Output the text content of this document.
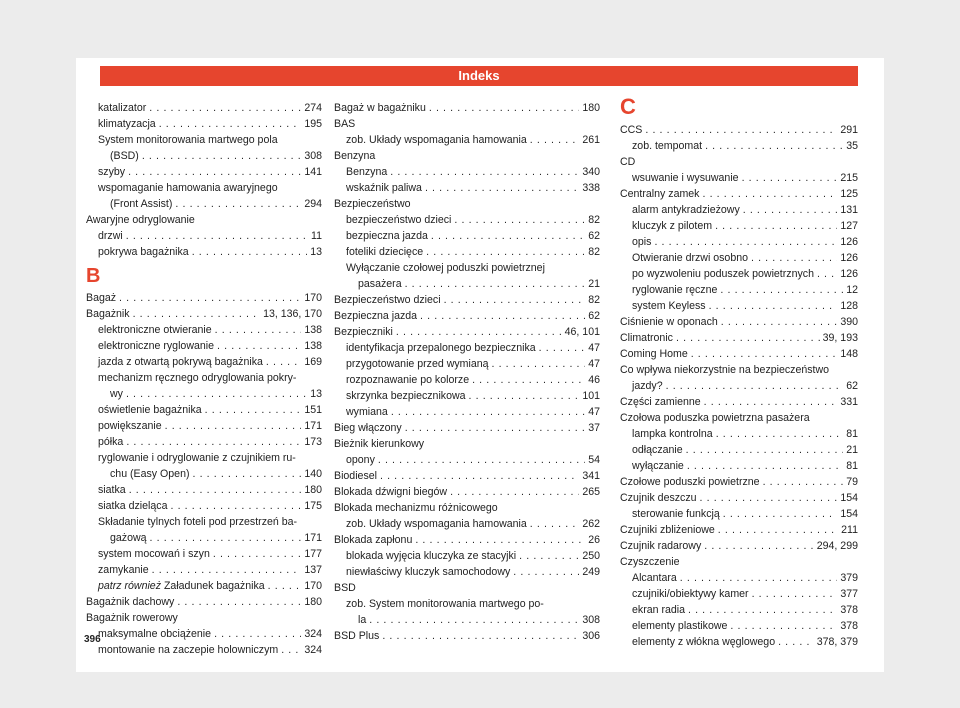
Indeks
katalizator . . .	274
klimatyzacja . . .	195
System monitorowania martwego pola
(BSD) . . .	308
szyby . . .	141
wspomaganie hamowania awaryjnego
(Front Assist) . . .	294
Awaryjne odryglowanie
drzwi . . .	11
pokrywa bagażnika . . .	13
B
Bagaż . . .	170
Bagażnik . . .	13, 136, 170
elektroniczne otwieranie . . .	138
elektroniczne ryglowanie . . .	138
jazda z otwartą pokrywą bagażnika . . .	169
mechanizm ręcznego odryglowania pokry-
wy . . .	13
oświetlenie bagażnika . . .	151
powiększanie . . .	171
półka . . .	173
ryglowanie i odryglowanie z czujnikiem ru-
chu (Easy Open) . . .	140
siatka . . .	180
siatka dzieląca . . .	175
Składanie tylnych foteli pod przestrzeń ba-
gażową . . .	171
system mocowań i szyn . . .	177
zamykanie . . .	137
patrz również Załadunek bagażnika . . .	170
Bagażnik dachowy . . .	180
Bagażnik rowerowy
maksymalne obciążenie . . .	324
montowanie na zaczepie holowniczym . . . 324
Bagaż w bagażniku . . .	180
BAS
zob. Układy wspomagania hamowania . . .	261
Benzyna
Benzyna . . .	340
wskaźnik paliwa . . .	338
Bezpieczeństwo
bezpieczeństwo dzieci . . .	82
bezpieczna jazda . . .	62
foteliki dziecięce . . .	82
Wyłączanie czołowej poduszki powietrznej
pasażera . . .	21
Bezpieczeństwo dzieci . . .	82
Bezpieczna jazda . . .	62
Bezpieczniki . . .	46, 101
identyfikacja przepalonego bezpiecznika . . .	47
przygotowanie przed wymianą . . .	47
rozpoznawanie po kolorze . . .	46
skrzynka bezpiecznikowa . . .	101
wymiana . . .	47
Bieg włączony . . .	37
Bieżnik kierunkowy
opony . . .	54
Biodiesel . . .	341
Blokada dźwigni biegów . . .	265
Blokada mechanizmu różnicowego
zob. Układy wspomagania hamowania . . .	262
Blokada zapłonu . . .	26
blokada wyjęcia kluczyka ze stacyjki . . .	250
niewłaściwy kluczyk samochodowy . . .	249
BSD
zob. System monitorowania martwego po-
la . . .	308
BSD Plus . . .	306
C
CCS . . .	291
zob. tempomat . . .	35
CD
wsuwanie i wysuwanie . . .	215
Centralny zamek . . .	125
alarm antykradzieżowy . . .	131
kluczyk z pilotem . . .	127
opis . . .	126
Otwieranie drzwi osobno . . .	126
po wyzwoleniu poduszek powietrznych . . . 126
ryglowanie ręczne . . .	12
system Keyless . . .	128
Ciśnienie w oponach . . .	390
Climatronic . . .	39, 193
Coming Home . . .	148
Co wpływa niekorzystnie na bezpieczeństwo
jazdy? . . .	62
Części zamienne . . .	331
Czołowa poduszka powietrzna pasażera
lampka kontrolna . . .	81
odłączanie . . .	21
wyłączanie . . .	81
Czołowe poduszki powietrzne . . .	79
Czujnik deszczu . . .	154
sterowanie funkcją . . .	154
Czujniki zbliżeniowe . . .	211
Czujnik radarowy . . .	294, 299
Czyszczenie
Alcantara . . .	379
czujniki/obiektywy kamer . . .	377
ekran radia . . .	378
elementy plastikowe . . .	378
elementy z włókna węglowego . . .	378, 379
396
